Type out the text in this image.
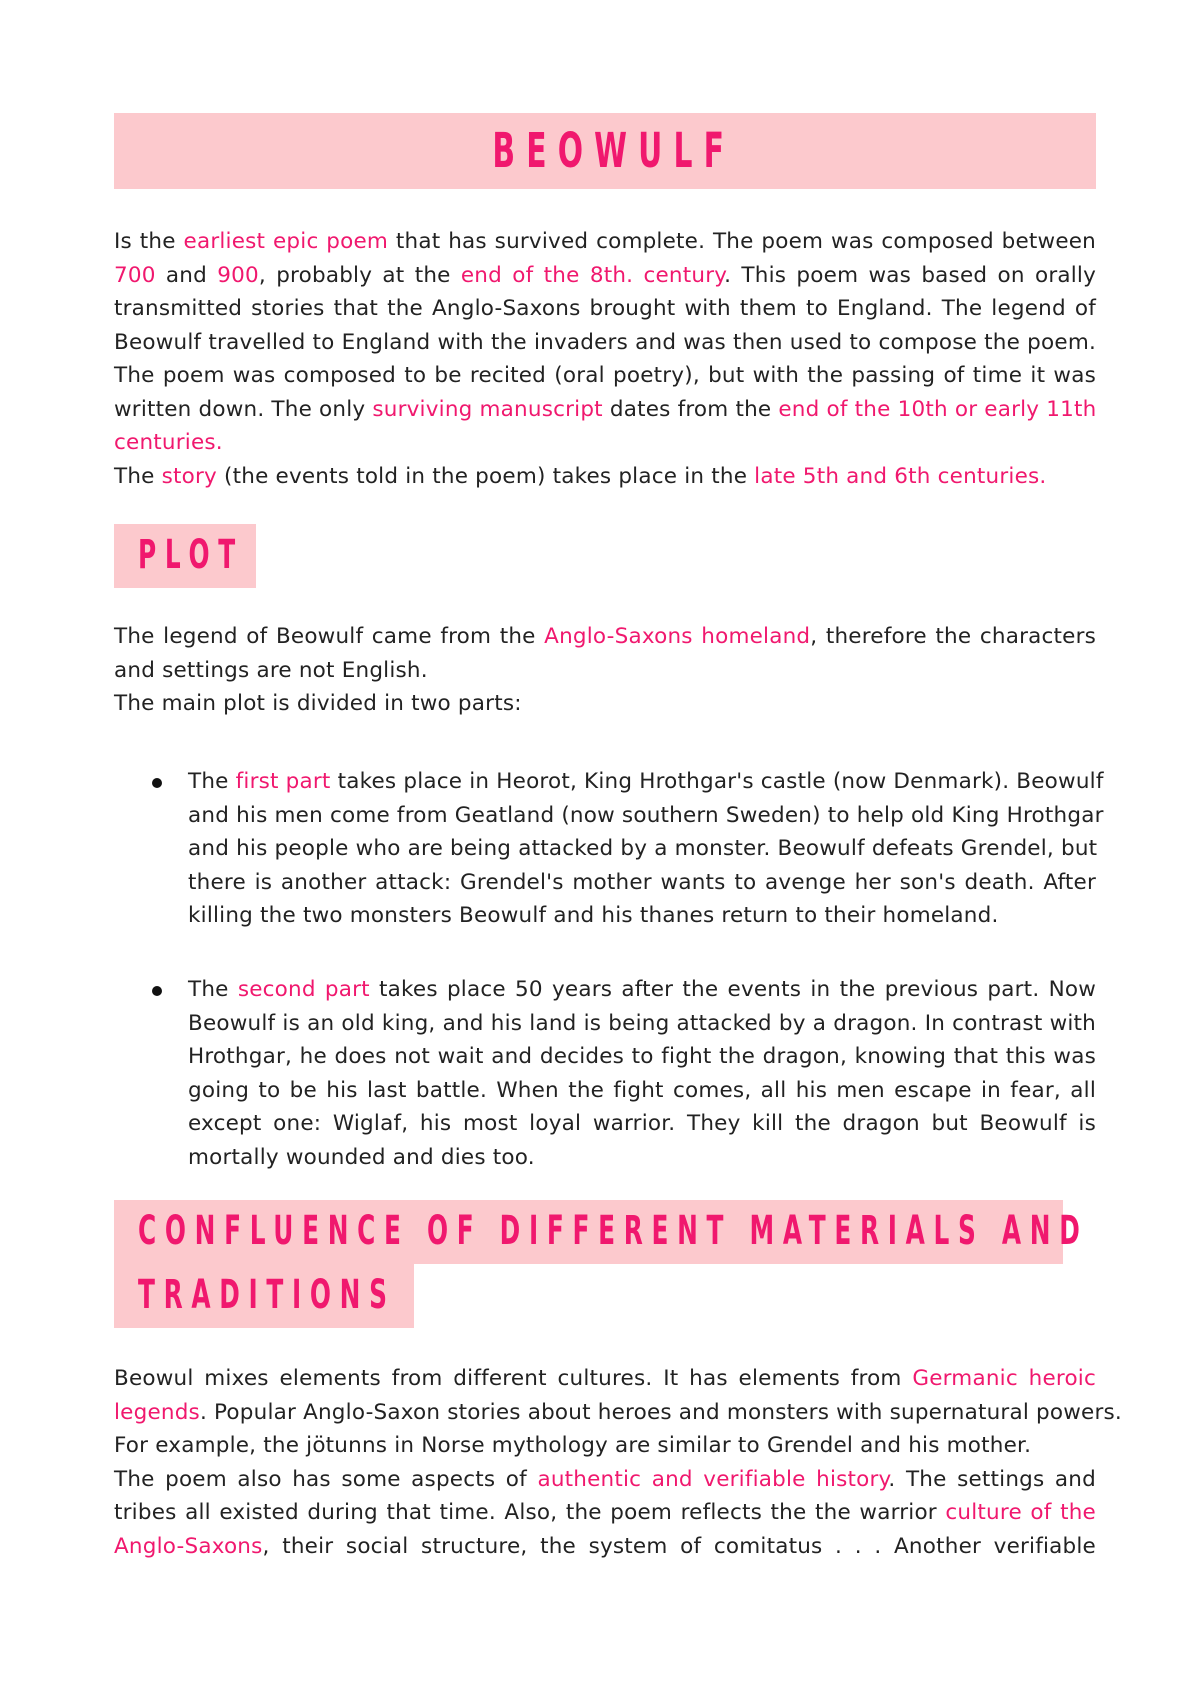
BEOWULF
Is the earliest epic poem that has survived complete. The poem was composed between
700 and 900, probably at the end of the 8th. century. This poem was based on orally
transmitted stories that the Anglo-Saxons brought with them to England. The legend of
Beowulf travelled to England with the invaders and was then used to compose the poem.
The poem was composed to be recited (oral poetry), but with the passing of time it was
written down. The only surviving manuscript dates from the end of the 10th or early 11th
centuries.
The story (the events told in the poem) takes place in the late 5th and 6th centuries.
PLOT
The legend of Beowulf came from the Anglo-Saxons homeland, therefore the characters
and settings are not English.
The main plot is divided in two parts:
The first part takes place in Heorot, King Hrothgar's castle (now Denmark). Beowulf
and his men come from Geatland (now southern Sweden) to help old King Hrothgar
and his people who are being attacked by a monster. Beowulf defeats Grendel, but
there is another attack: Grendel's mother wants to avenge her son's death. After
killing the two monsters Beowulf and his thanes return to their homeland.
The second part takes place 50 years after the events in the previous part. Now
Beowulf is an old king, and his land is being attacked by a dragon. In contrast with
Hrothgar, he does not wait and decides to fight the dragon, knowing that this was
going to be his last battle. When the fight comes, all his men escape in fear, all
except one: Wiglaf, his most loyal warrior. They kill the dragon but Beowulf is
mortally wounded and dies too.
CONFLUENCE OF DIFFERENT MATERIALS AND
TRADITIONS
Beowul mixes elements from different cultures. It has elements from Germanic heroic
legends. Popular Anglo-Saxon stories about heroes and monsters with supernatural powers.
For example, the jötunns in Norse mythology are similar to Grendel and his mother.
The poem also has some aspects of authentic and verifiable history. The settings and
tribes all existed during that time. Also, the poem reflects the the warrior culture of the
Anglo-Saxons, their social structure, the system of comitatus . . . Another verifiable
